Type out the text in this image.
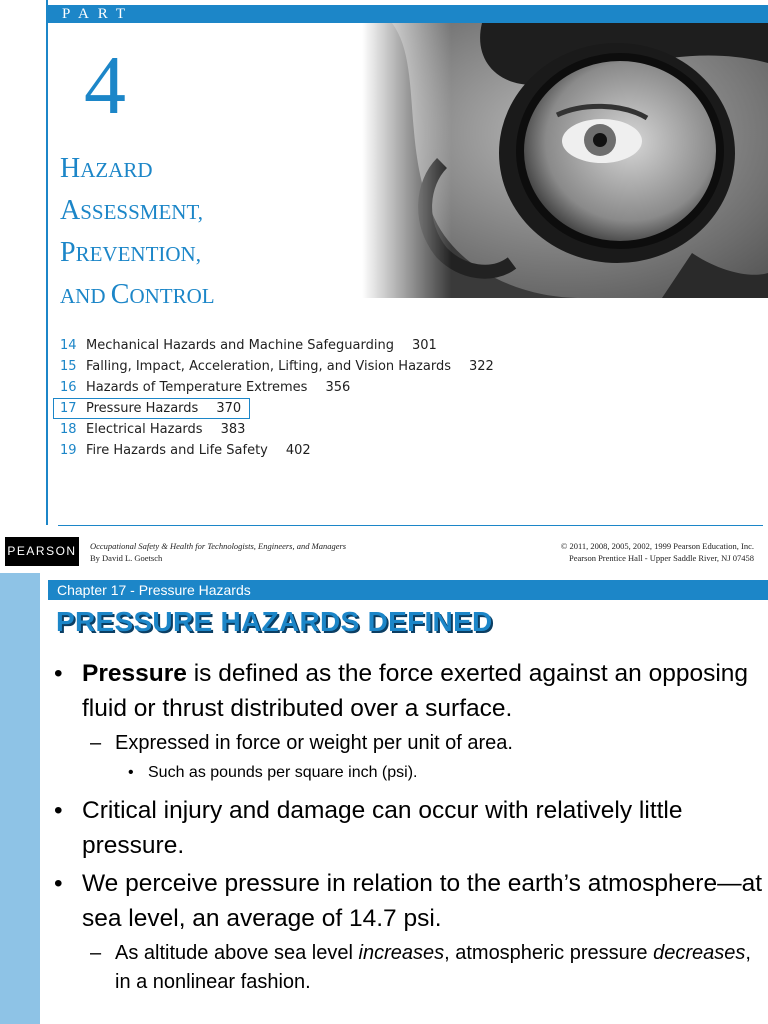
PART
4
HAZARD
ASSESSMENT,
PREVENTION,
AND CONTROL
14 Mechanical Hazards and Machine Safeguarding 301
15 Falling, Impact, Acceleration, Lifting, and Vision Hazards 322
16 Hazards of Temperature Extremes 356
17 Pressure Hazards 370
18 Electrical Hazards 383
19 Fire Hazards and Life Safety 402
PEARSON Occupational Safety & Health for Technologists, Engineers, and Managers
By David L. Goetsch
© 2011, 2008, 2005, 2002, 1999 Pearson Education, Inc.
Pearson Prentice Hall - Upper Saddle River, NJ 07458
Chapter 17 - Pressure Hazards
PRESSURE HAZARDS DEFINED
• Pressure is defined as the force exerted against an opposing fluid or thrust distributed over a surface.
– Expressed in force or weight per unit of area.
• Such as pounds per square inch (psi).
• Critical injury and damage can occur with relatively little pressure.
• We perceive pressure in relation to the earth’s atmosphere—at sea level, an average of 14.7 psi.
– As altitude above sea level increases, atmospheric pressure decreases, in a nonlinear fashion.
